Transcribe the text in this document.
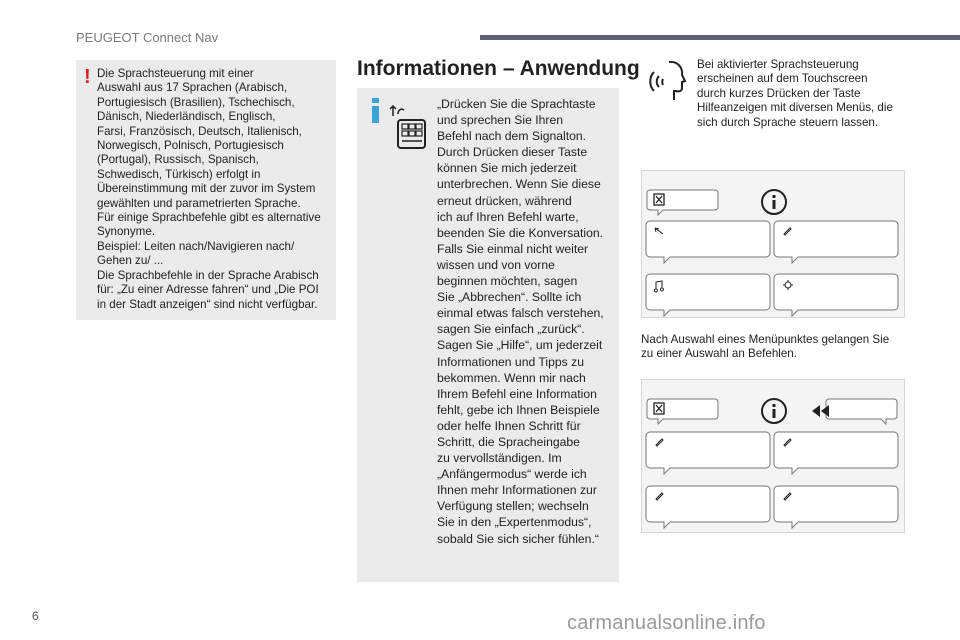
PEUGEOT Connect Nav
! Die Sprachsteuerung mit einer
Auswahl aus 17 Sprachen (Arabisch,
Portugiesisch (Brasilien), Tschechisch,
Dänisch, Niederländisch, Englisch,
Farsi, Französisch, Deutsch, Italienisch,
Norwegisch, Polnisch, Portugiesisch
(Portugal), Russisch, Spanisch,
Schwedisch, Türkisch) erfolgt in
Übereinstimmung mit der zuvor im System
gewählten und parametrierten Sprache.
Für einige Sprachbefehle gibt es alternative
Synonyme.
Beispiel: Leiten nach/Navigieren nach/
Gehen zu/ ...
Die Sprachbefehle in der Sprache Arabisch
für: „Zu einer Adresse fahren“ und „Die POI
in der Stadt anzeigen“ sind nicht verfügbar.
Informationen – Anwendung
„Drücken Sie die Sprachtaste
und sprechen Sie Ihren
Befehl nach dem Signalton.
Durch Drücken dieser Taste
können Sie mich jederzeit
unterbrechen. Wenn Sie diese
erneut drücken, während
ich auf Ihren Befehl warte,
beenden Sie die Konversation.
Falls Sie einmal nicht weiter
wissen und von vorne
beginnen möchten, sagen
Sie „Abbrechen“. Sollte ich
einmal etwas falsch verstehen,
sagen Sie einfach „zurück“.
Sagen Sie „Hilfe“, um jederzeit
Informationen und Tipps zu
bekommen. Wenn mir nach
Ihrem Befehl eine Information
fehlt, gebe ich Ihnen Beispiele
oder helfe Ihnen Schritt für
Schritt, die Spracheingabe
zu vervollständigen. Im
„Anfängermodus“ werde ich
Ihnen mehr Informationen zur
Verfügung stellen; wechseln
Sie in den „Expertenmodus“,
sobald Sie sich sicher fühlen.“
Bei aktivierter Sprachsteuerung
erscheinen auf dem Touchscreen
durch kurzes Drücken der Taste
Hilfeanzeigen mit diversen Menüs, die
sich durch Sprache steuern lassen.
Nach Auswahl eines Menüpunktes gelangen Sie
zu einer Auswahl an Befehlen.
6	carmanualsonline.info
